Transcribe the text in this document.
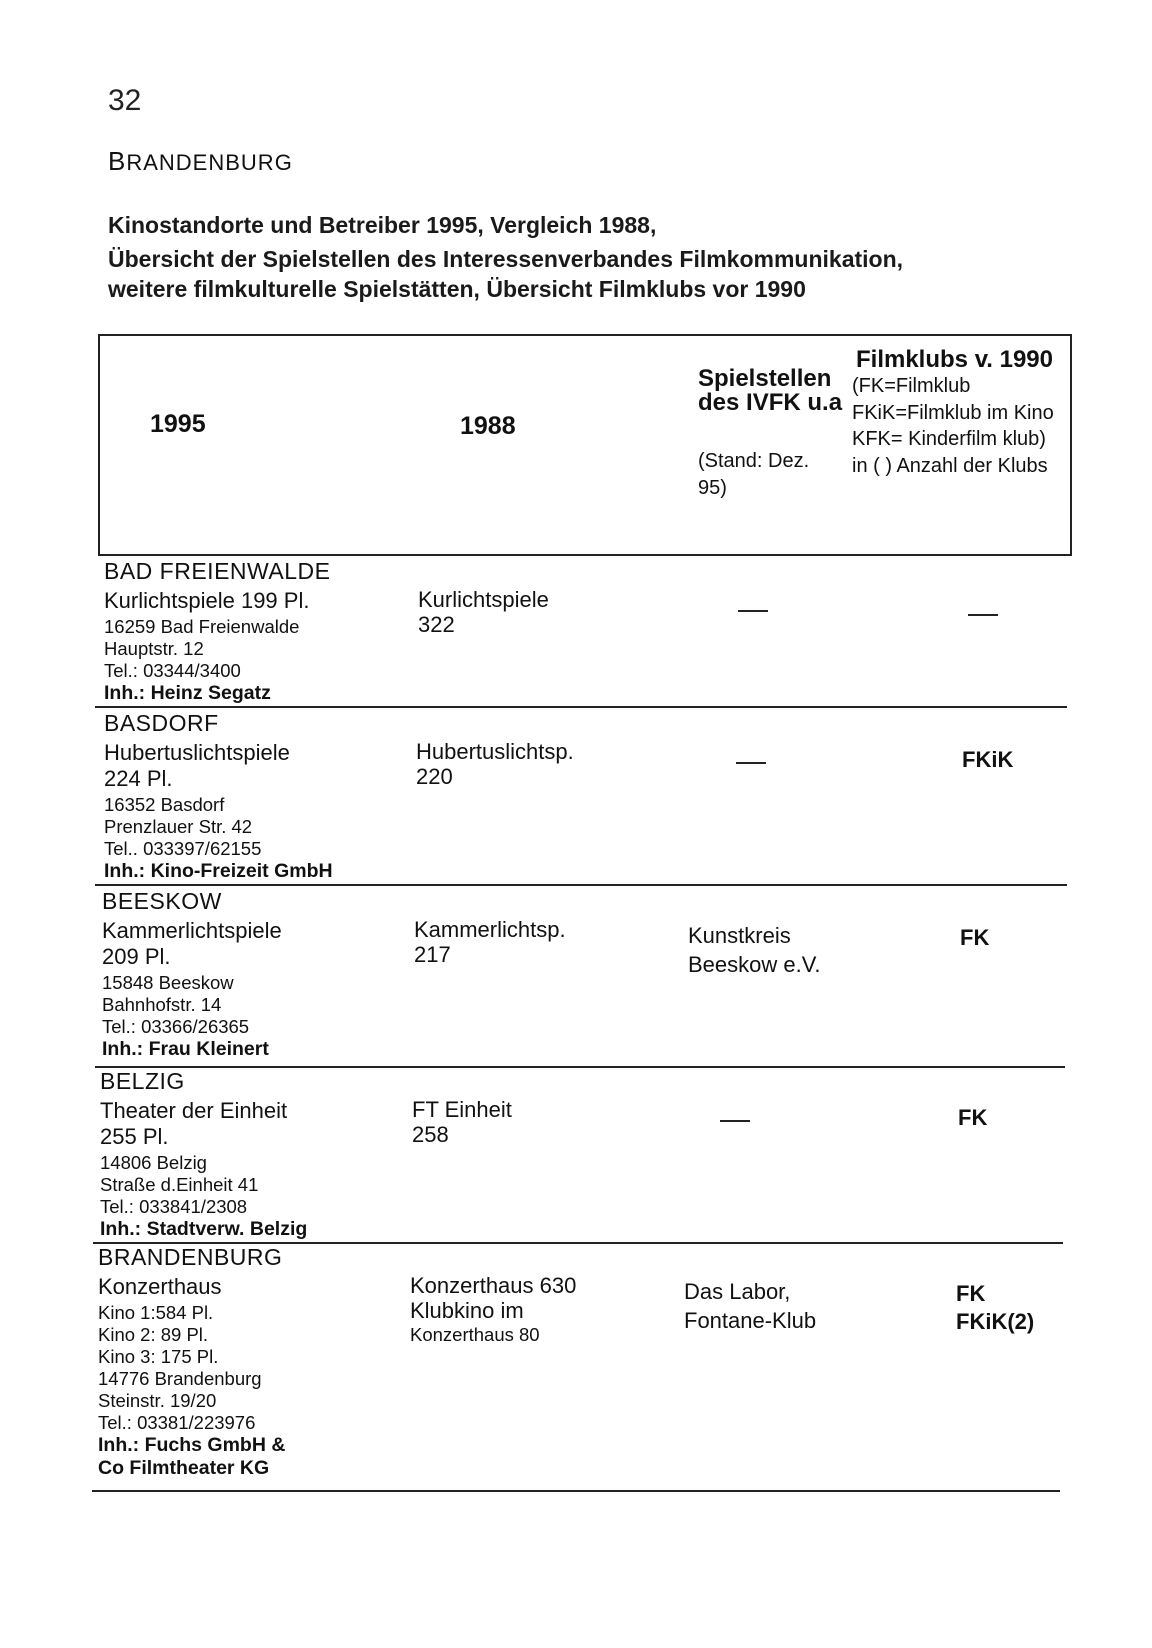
32
BRANDENBURG
Kinostandorte und Betreiber 1995, Vergleich 1988,
Übersicht der Spielstellen des Interessenverbandes Filmkommunikation,
weitere filmkulturelle Spielstätten, Übersicht Filmklubs vor 1990
1995	1988
Spielstellen des IVFK u.a
(Stand: Dez. 95)
Filmklubs v. 1990
(FK=Filmklub FKiK=Filmklub im Kino KFK= Kinderfilm klub) in ( ) Anzahl der Klubs
BAD FREIENWALDE
Kurlichtspiele 199 Pl.
16259 Bad Freienwalde
Hauptstr. 12
Tel.: 03344/3400
Inh.: Heinz Segatz
Kurlichtspiele
322
BASDORF
Hubertuslichtspiele
224 Pl.
16352 Basdorf
Prenzlauer Str. 42
Tel.. 033397/62155
Inh.: Kino-Freizeit GmbH
Hubertuslichtsp.
220
FKiK
BEESKOW
Kammerlichtspiele
209 Pl.
15848 Beeskow
Bahnhofstr. 14
Tel.: 03366/26365
Inh.: Frau Kleinert
Kammerlichtsp.
217
Kunstkreis
Beeskow e.V.
FK
BELZIG
Theater der Einheit
255 Pl.
14806 Belzig
Straße d.Einheit 41
Tel.: 033841/2308
Inh.: Stadtverw. Belzig
FT Einheit
258
FK
BRANDENBURG
Konzerthaus
Kino 1:584 Pl.
Kino 2: 89 Pl.
Kino 3: 175 Pl.
14776 Brandenburg
Steinstr. 19/20
Tel.: 03381/223976
Inh.: Fuchs GmbH &
Co Filmtheater KG
Konzerthaus 630
Klubkino im
Konzerthaus 80
Das Labor,
Fontane-Klub
FK
FKiK(2)
